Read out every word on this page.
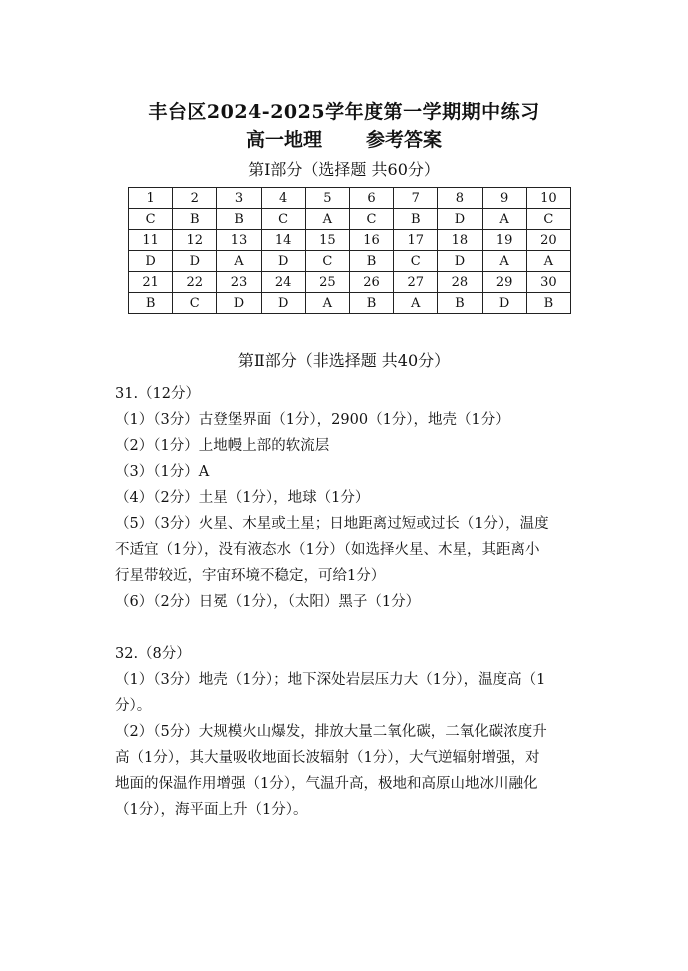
丰台区2024-2025学年度第一学期期中练习
高一地理 参考答案
第Ⅰ部分（选择题 共60分）
1	2	3	4	5	6	7	8	9	10
C	B	B	C	A	C	B	D	A	C
11	12	13	14	15	16	17	18	19	20
D	D	A	D	C	B	C	D	A	A
21	22	23	24	25	26	27	28	29	30
B	C	D	D	A	B	A	B	D	B
第Ⅱ部分（非选择题 共40分）
31.（12分）
（1）（3分）古登堡界面（1分），2900（1分），地壳（1分）
（2）（1分）上地幔上部的软流层
（3）（1分）A
（4）（2分）土星（1分），地球（1分）
（5）（3分）火星、木星或土星；日地距离过短或过长（1分），温度
不适宜（1分），没有液态水（1分）（如选择火星、木星，其距离小
行星带较近，宇宙环境不稳定，可给1分）
（6）（2分）日冕（1分），（太阳）黑子（1分）
32.（8分）
（1）（3分）地壳（1分）；地下深处岩层压力大（1分），温度高（1
分）。
（2）（5分）大规模火山爆发，排放大量二氧化碳，二氧化碳浓度升
高（1分），其大量吸收地面长波辐射（1分），大气逆辐射增强，对
地面的保温作用增强（1分），气温升高，极地和高原山地冰川融化
（1分），海平面上升（1分）。
